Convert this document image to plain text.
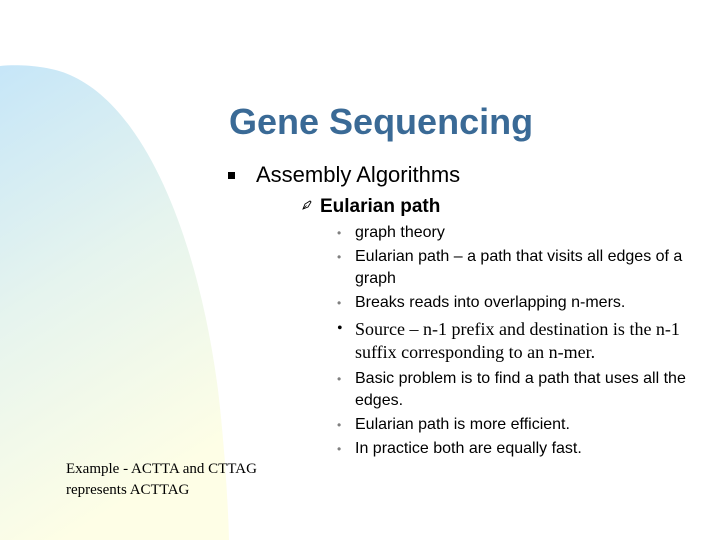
Gene Sequencing
Assembly Algorithms
Eularian path
• graph theory
• Eularian path – a path that visits all edges of a graph
• Breaks reads into overlapping n-mers.
• Source – n-1 prefix and destination is the n-1 suffix corresponding to an n-mer.
• Basic problem is to find a path that uses all the edges.
• Eularian path is more efficient.
• In practice both are equally fast.
Example - ACTTA and CTTAG
represents ACTTAG
